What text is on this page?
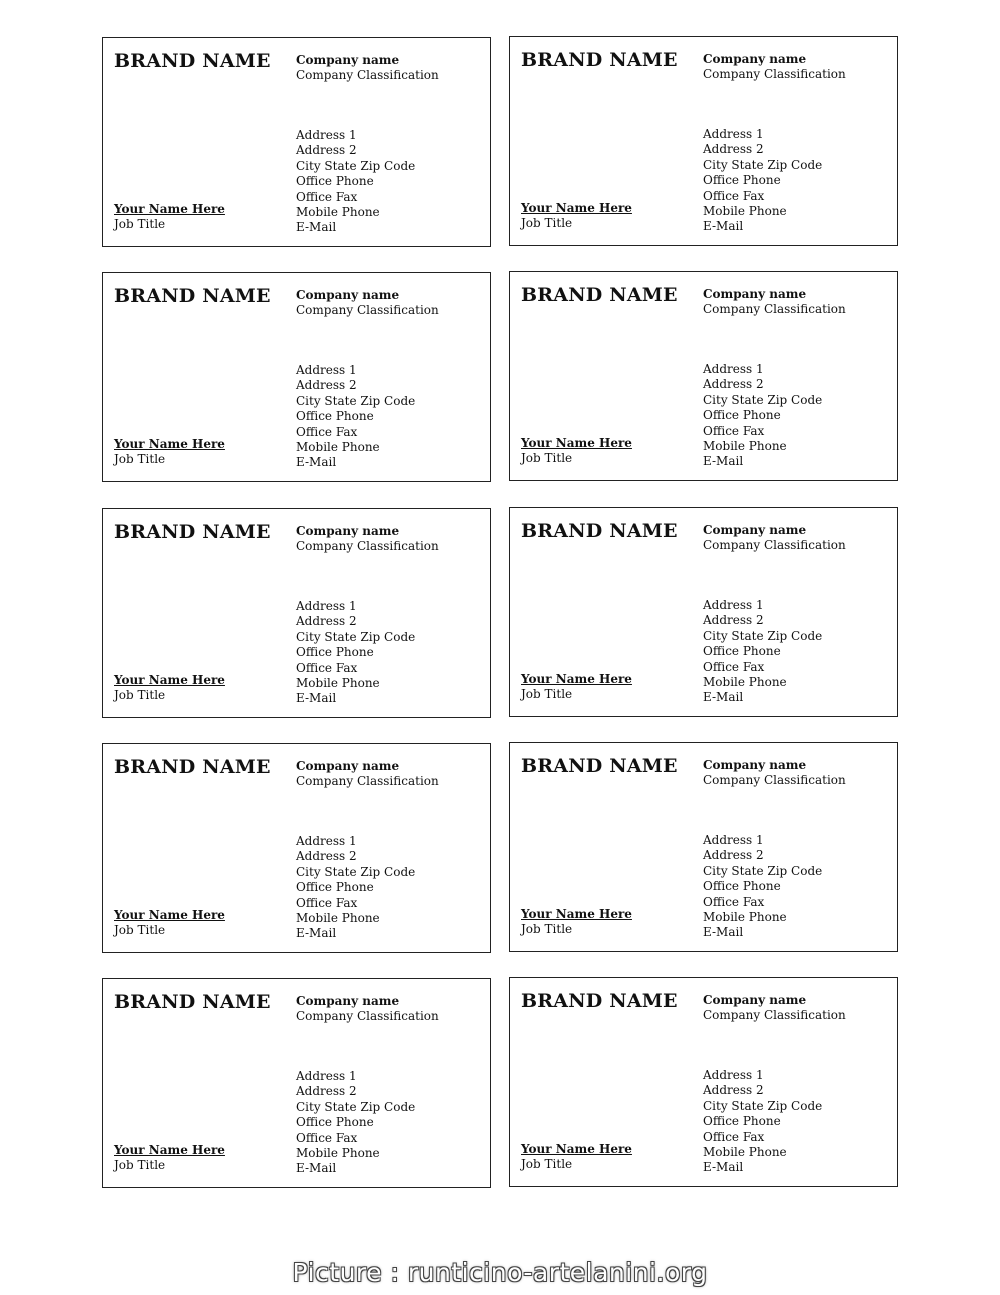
BRAND NAME Company name
Company Classification
Address 1
Address 2
City State Zip Code
Office Phone
Office Fax
Mobile Phone
E-Mail
Your Name Here
Job Title
BRAND NAME Company name
Company Classification
Address 1
Address 2
City State Zip Code
Office Phone
Office Fax
Mobile Phone
E-Mail
Your Name Here
Job Title
BRAND NAME Company name
Company Classification
Address 1
Address 2
City State Zip Code
Office Phone
Office Fax
Mobile Phone
E-Mail
Your Name Here
Job Title
BRAND NAME Company name
Company Classification
Address 1
Address 2
City State Zip Code
Office Phone
Office Fax
Mobile Phone
E-Mail
Your Name Here
Job Title
BRAND NAME Company name
Company Classification
Address 1
Address 2
City State Zip Code
Office Phone
Office Fax
Mobile Phone
E-Mail
Your Name Here
Job Title
BRAND NAME Company name
Company Classification
Address 1
Address 2
City State Zip Code
Office Phone
Office Fax
Mobile Phone
E-Mail
Your Name Here
Job Title
BRAND NAME Company name
Company Classification
Address 1
Address 2
City State Zip Code
Office Phone
Office Fax
Mobile Phone
E-Mail
Your Name Here
Job Title
BRAND NAME Company name
Company Classification
Address 1
Address 2
City State Zip Code
Office Phone
Office Fax
Mobile Phone
E-Mail
Your Name Here
Job Title
BRAND NAME Company name
Company Classification
Address 1
Address 2
City State Zip Code
Office Phone
Office Fax
Mobile Phone
E-Mail
Your Name Here
Job Title
BRAND NAME Company name
Company Classification
Address 1
Address 2
City State Zip Code
Office Phone
Office Fax
Mobile Phone
E-Mail
Your Name Here
Job Title
Picture : runticino-artelanini.org
